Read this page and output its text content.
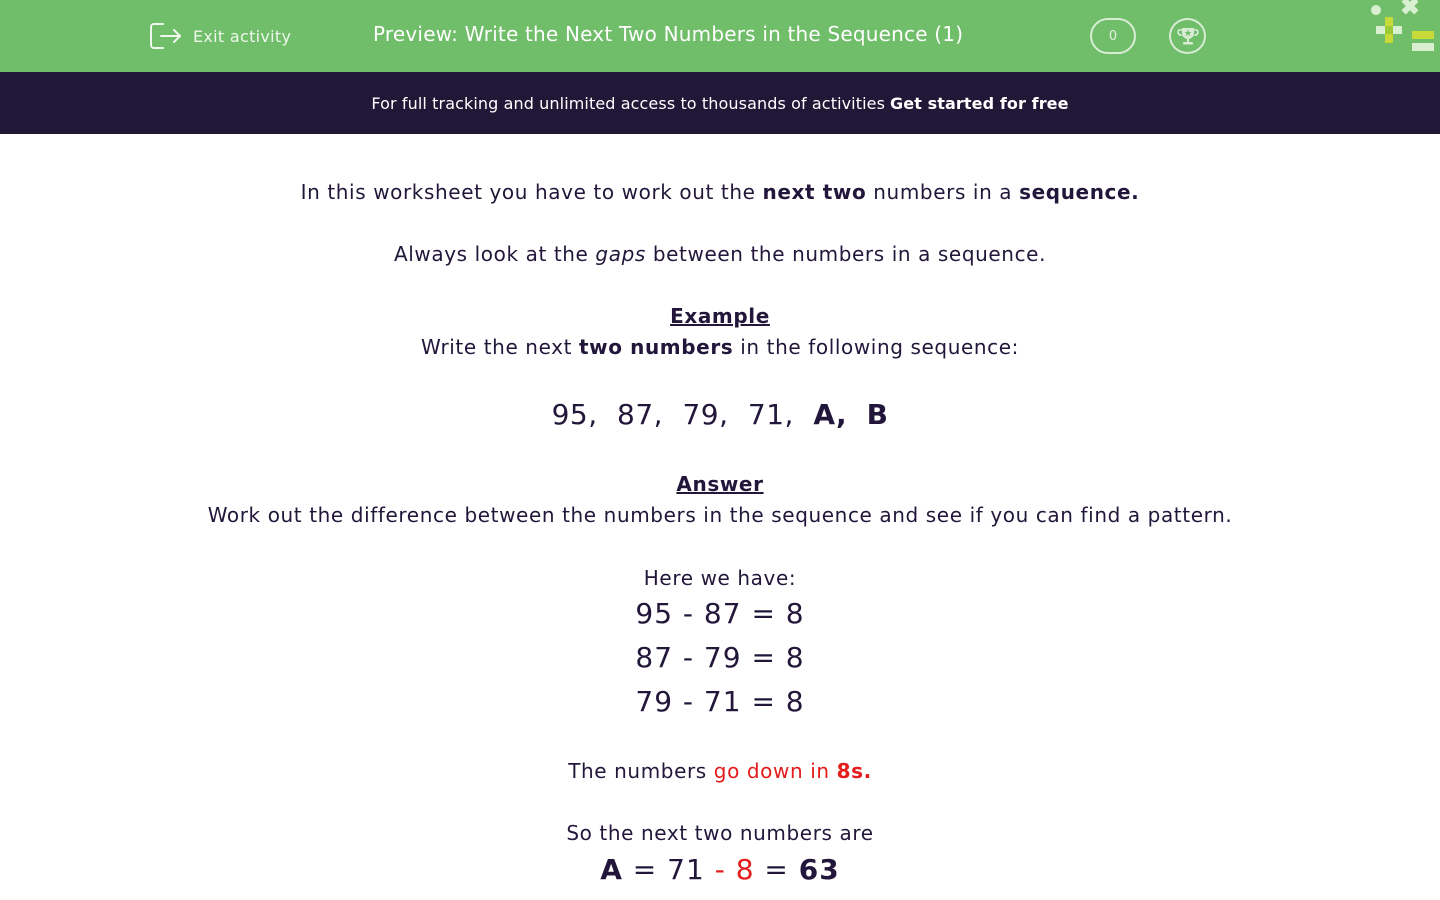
Exit activity	Preview: Write the Next Two Numbers in the Sequence (1)	0
For full tracking and unlimited access to thousands of activities Get started for free
In this worksheet you have to work out the next two numbers in a sequence.
Always look at the gaps between the numbers in a sequence.
Example
Write the next two numbers in the following sequence:
95, 87, 79, 71, A, B
Answer
Work out the difference between the numbers in the sequence and see if you can find a pattern.
Here we have:
95 - 87 = 8
87 - 79 = 8
79 - 71 = 8
The numbers go down in 8s.
So the next two numbers are
A = 71 - 8 = 63
